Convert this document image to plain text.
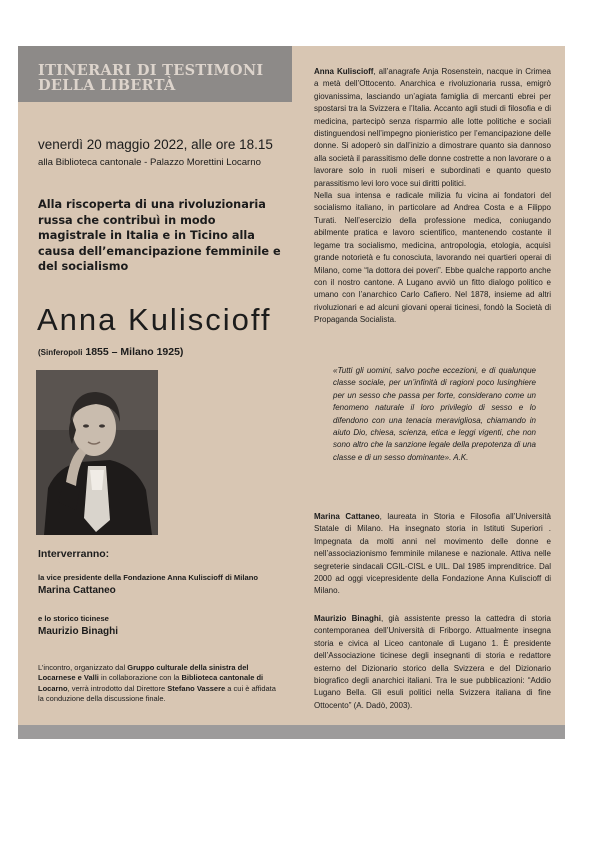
ITINERARI DI TESTIMONI DELLA LIBERTÀ

venerdì 20 maggio 2022, alle ore 18.15

alla Biblioteca cantonale - Palazzo Morettini Locarno

Alla riscoperta di una rivoluzionaria russa che contribuì in modo magistrale in Italia e in Ticino alla causa dell’emancipazione femminile e del socialismo

Anna Kuliscioff

(Sinferopoli 1855 – Milano 1925)

Interverranno:

la vice presidente della Fondazione Anna Kuliscioff di Milano

Marina Cattaneo

e lo storico ticinese

Maurizio Binaghi

L’incontro, organizzato dal Gruppo culturale della sinistra del Locarnese e Valli in collaborazione con la Biblioteca cantonale di Locarno, verrà introdotto dal Direttore Stefano Vassere a cui è affidata la conduzione della discussione finale.

Anna Kuliscioff, all’anagrafe Anja Rosenstein, nacque in Crimea a metà dell’Ottocento. Anarchica e rivoluzionaria russa, emigrò giovanissima, lasciando un’agiata famiglia di mercanti ebrei per spostarsi tra la Svizzera e l’Italia. Accanto agli studi di filosofia e di medicina, partecipò senza risparmio alle lotte politiche e sociali distinguendosi nell’impegno pionieristico per l’emancipazione delle donne. Si adoperò sin dall’inizio a dimostrare quanto sia dannoso alla società il parassitismo delle donne costrette a non lavorare o a lavorare solo in ruoli miseri e subordinati e quanto questo parassitismo levi loro voce sui diritti politici.
Nella sua intensa e radicale milizia fu vicina ai fondatori del socialismo italiano, in particolare ad Andrea Costa e a Filippo Turati. Nell’esercizio della professione medica, coniugando abilmente pratica e lavoro scientifico, mantenendo costante il legame tra socialismo, medicina, antropologia, etologia, acquisì grande notorietà e fu conosciuta, lavorando nei quartieri operai di Milano, come “la dottora dei poveri”. Ebbe qualche rapporto anche con il nostro cantone. A Lugano avviò un fitto dialogo politico e umano con l’anarchico Carlo Cafiero. Nel 1878, insieme ad altri rivoluzionari e ad alcuni giovani operai ticinesi, fondò la Società di Propaganda Socialista.

«Tutti gli uomini, salvo poche eccezioni, e di qualunque classe sociale, per un’infinità di ragioni poco lusinghiere per un sesso che passa per forte, considerano come un fenomeno naturale il loro privilegio di sesso e lo difendono con una tenacia meravigliosa, chiamando in aiuto Dio, chiesa, scienza, etica e leggi vigenti, che non sono altro che la sanzione legale della prepotenza di una classe e di un sesso dominante». A.K.

Marina Cattaneo, laureata in Storia e Filosofia all’Università Statale di Milano. Ha insegnato storia in Istituti Superiori . Impegnata da molti anni nel movimento delle donne e nell’associazionismo femminile milanese e nazionale. Attiva nelle segreterie sindacali CGIL-CISL e UIL. Dal 1985 imprenditrice. Dal 2000 ad oggi vicepresidente della Fondazione Anna Kuliscioff di Milano.

Maurizio Binaghi, già assistente presso la cattedra di storia contemporanea dell’Università di Friborgo. Attualmente insegna storia e civica al Liceo cantonale di Lugano 1. È presidente dell’Associazione ticinese degli insegnanti di storia e redattore esterno del Dizionario storico della Svizzera e del Dizionario biografico degli anarchici italiani. Tra le sue pubblicazioni: “Addio Lugano Bella. Gli esuli politici nella Svizzera italiana di fine Ottocento” (A. Dadò, 2003).
